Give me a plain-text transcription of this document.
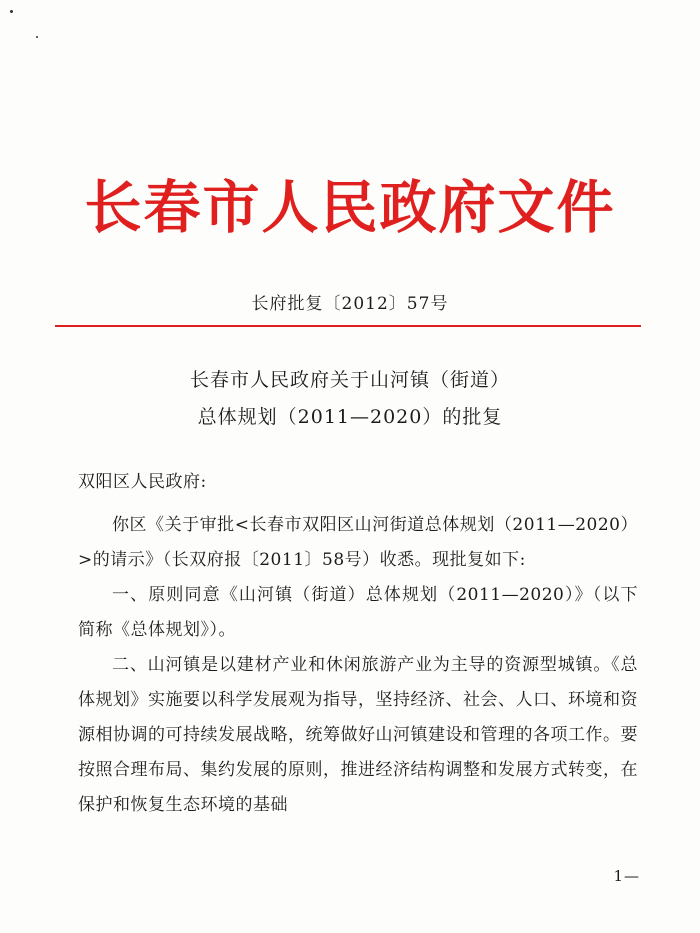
长春市人民政府文件
长府批复〔2012〕57号
长春市人民政府关于山河镇（街道）
总体规划（2011—2020）的批复
双阳区人民政府:

你区《关于审批<长春市双阳区山河街道总体规划（2011—2020）>的请示》（长双府报〔2011〕58号）收悉。现批复如下:

一、原则同意《山河镇（街道）总体规划（2011—2020）》（以下简称《总体规划》）。

二、山河镇是以建材产业和休闲旅游产业为主导的资源型城镇。《总体规划》实施要以科学发展观为指导，坚持经济、社会、人口、环境和资源相协调的可持续发展战略，统筹做好山河镇建设和管理的各项工作。要按照合理布局、集约发展的原则，推进经济结构调整和发展方式转变，在保护和恢复生态环境的基础

1—
